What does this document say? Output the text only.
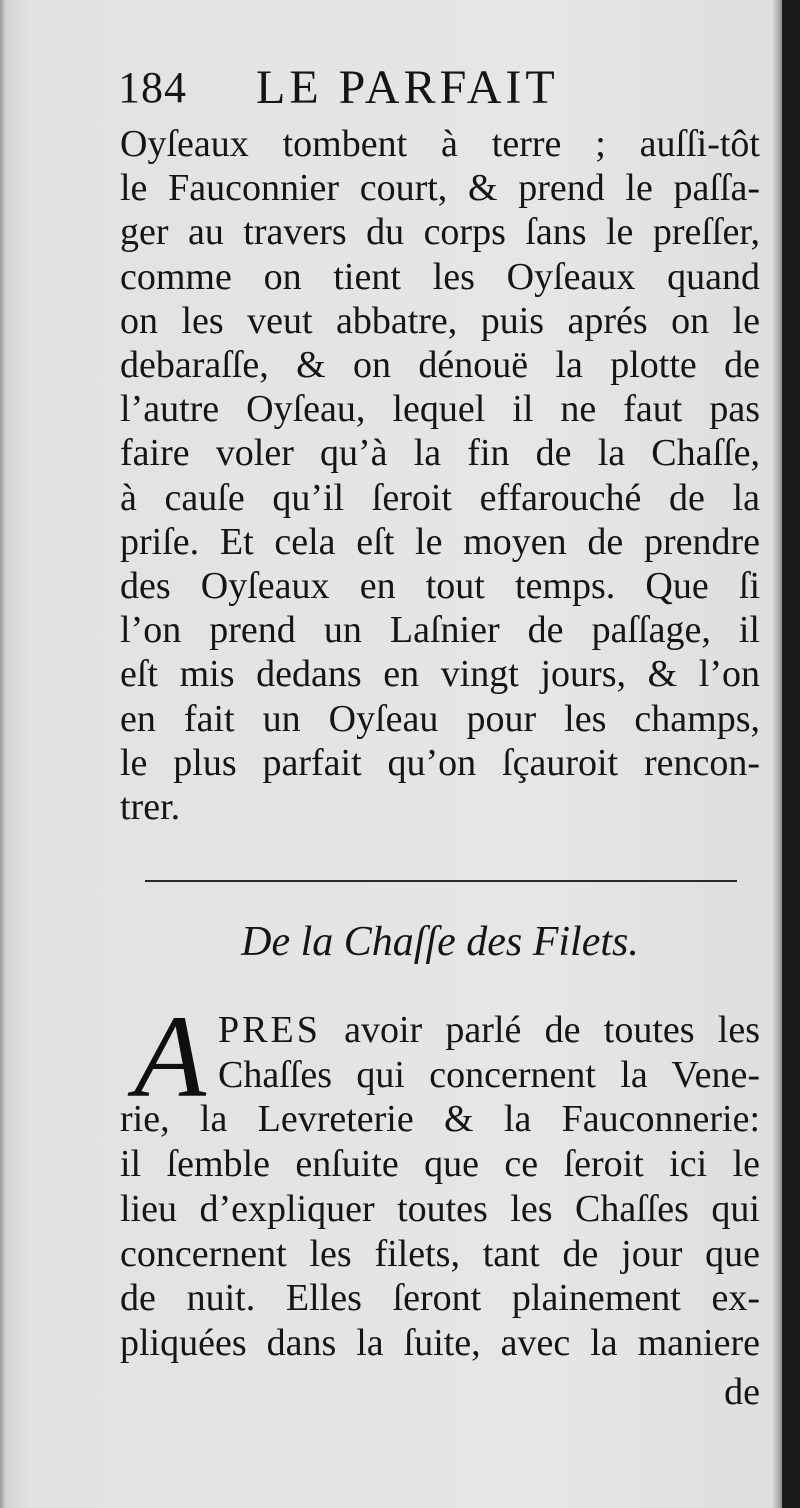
184 LE PARFAIT
Oyſeaux tombent à terre ; auſſi-tôt
le Fauconnier court, & prend le paſſa-
ger au travers du corps ſans le preſſer,
comme on tient les Oyſeaux quand
on les veut abbatre, puis aprés on le
debaraſſe, & on dénouë la plotte de
l’autre Oyſeau, lequel il ne faut pas
faire voler qu’à la fin de la Chaſſe,
à cauſe qu’il ſeroit effarouché de la
priſe. Et cela eſt le moyen de prendre
des Oyſeaux en tout temps. Que ſi
l’on prend un Laſnier de paſſage, il
eſt mis dedans en vingt jours, & l’on
en fait un Oyſeau pour les champs,
le plus parfait qu’on ſçauroit rencon-
trer.
De la Chaſſe des Filets.
A PRES avoir parlé de toutes les
Chaſſes qui concernent la Vene-
rie, la Levreterie & la Fauconnerie:
il ſemble enſuite que ce ſeroit ici le
lieu d’expliquer toutes les Chaſſes qui
concernent les filets, tant de jour que
de nuit. Elles ſeront plainement ex-
pliquées dans la ſuite, avec la maniere
de
